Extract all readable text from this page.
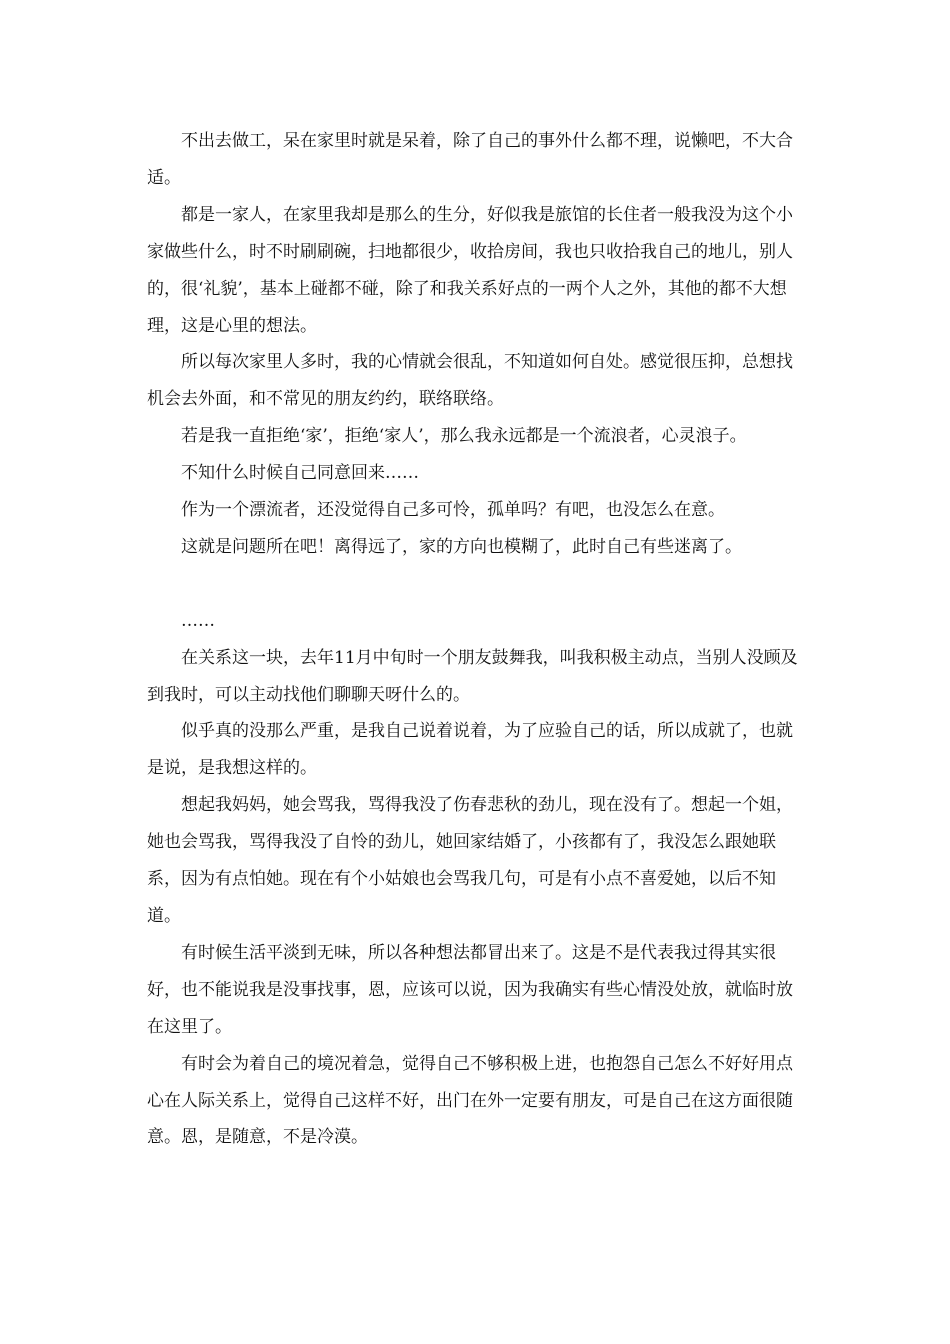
不出去做工，呆在家里时就是呆着，除了自己的事外什么都不理，说懒吧，不大合适。

都是一家人，在家里我却是那么的生分，好似我是旅馆的长住者一般我没为这个小家做些什么，时不时刷刷碗，扫地都很少，收拾房间，我也只收拾我自己的地儿，别人的，很‘礼貌’，基本上碰都不碰，除了和我关系好点的一两个人之外，其他的都不大想理，这是心里的想法。

所以每次家里人多时，我的心情就会很乱，不知道如何自处。感觉很压抑，总想找机会去外面，和不常见的朋友约约，联络联络。

若是我一直拒绝‘家’，拒绝‘家人’，那么我永远都是一个流浪者，心灵浪子。

不知什么时候自己同意回来……

作为一个漂流者，还没觉得自己多可怜，孤单吗？有吧，也没怎么在意。

这就是问题所在吧！离得远了，家的方向也模糊了，此时自己有些迷离了。

……

在关系这一块，去年11月中旬时一个朋友鼓舞我，叫我积极主动点，当别人没顾及到我时，可以主动找他们聊聊天呀什么的。

似乎真的没那么严重，是我自己说着说着，为了应验自己的话，所以成就了，也就是说，是我想这样的。

想起我妈妈，她会骂我，骂得我没了伤春悲秋的劲儿，现在没有了。想起一个姐，她也会骂我，骂得我没了自怜的劲儿，她回家结婚了，小孩都有了，我没怎么跟她联系，因为有点怕她。现在有个小姑娘也会骂我几句，可是有小点不喜爱她，以后不知道。

有时候生活平淡到无味，所以各种想法都冒出来了。这是不是代表我过得其实很好，也不能说我是没事找事，恩，应该可以说，因为我确实有些心情没处放，就临时放在这里了。

有时会为着自己的境况着急，觉得自己不够积极上进，也抱怨自己怎么不好好用点心在人际关系上，觉得自己这样不好，出门在外一定要有朋友，可是自己在这方面很随意。恩，是随意，不是冷漠。
